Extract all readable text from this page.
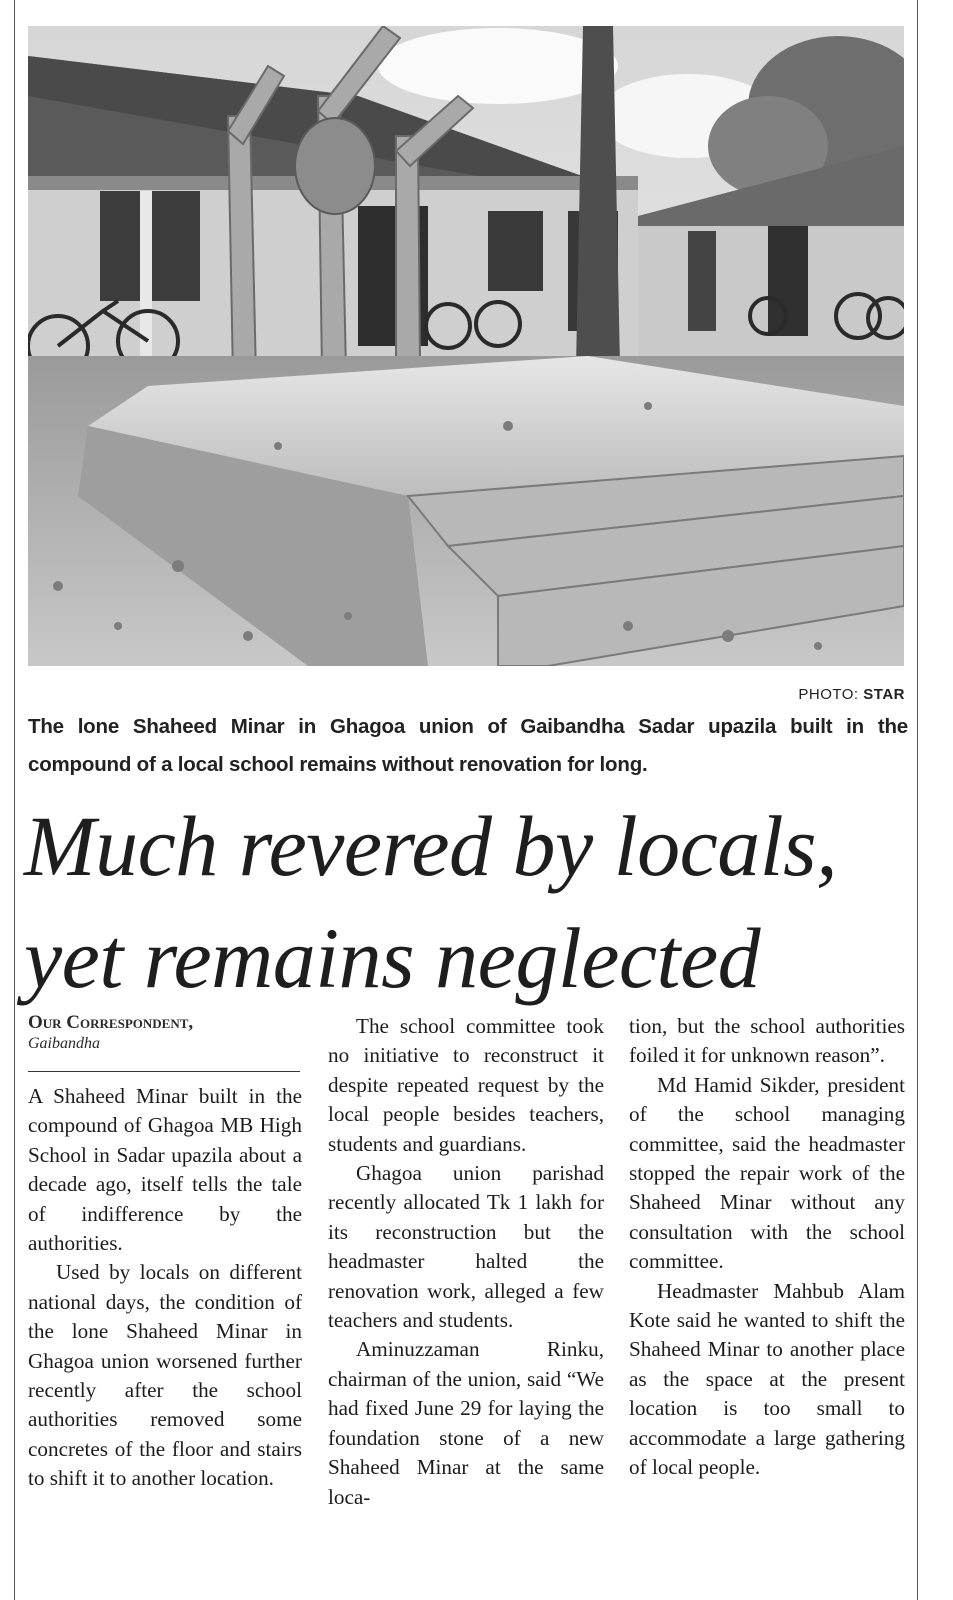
PHOTO: STAR
The lone Shaheed Minar in Ghagoa union of Gaibandha Sadar upazila built in the compound of a local school remains without renovation for long.
Much revered by locals,
yet remains neglected
Our Correspondent,
Gaibandha

A Shaheed Minar built in the compound of Ghagoa MB High School in Sadar upazila about a decade ago, itself tells the tale of indifference by the authorities.

Used by locals on different national days, the condition of the lone Shaheed Minar in Ghagoa union worsened further recently after the school authorities removed some concretes of the floor and stairs to shift it to another location.

The school committee took no initiative to reconstruct it despite repeated request by the local people besides teachers, students and guardians.

Ghagoa union parishad recently allocated Tk 1 lakh for its reconstruction but the headmaster halted the renovation work, alleged a few teachers and students.

Aminuzzaman Rinku, chairman of the union, said “We had fixed June 29 for laying the foundation stone of a new Shaheed Minar at the same loca-

tion, but the school authorities foiled it for unknown reason”.

Md Hamid Sikder, president of the school managing committee, said the headmaster stopped the repair work of the Shaheed Minar without any consultation with the school committee.

Headmaster Mahbub Alam Kote said he wanted to shift the Shaheed Minar to another place as the space at the present location is too small to accommodate a large gathering of local people.
